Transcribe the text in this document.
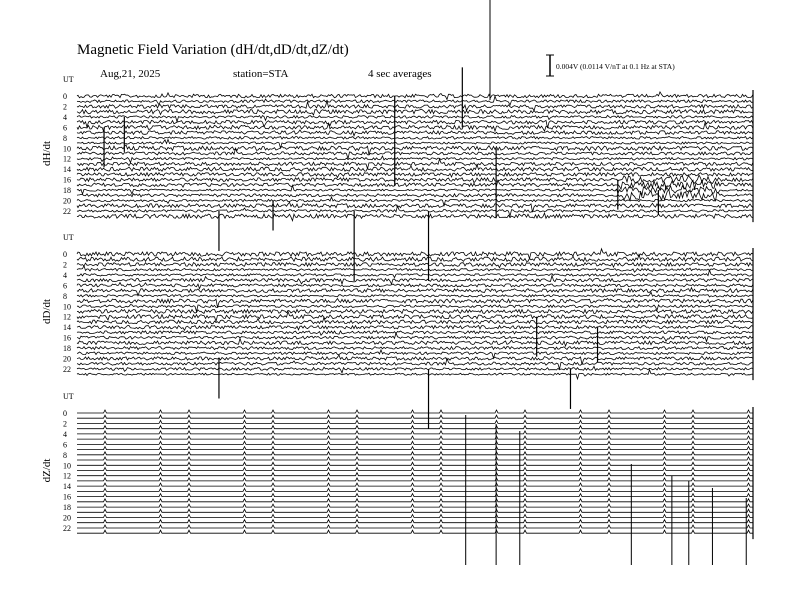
Magnetic Field Variation (dH/dt,dD/dt,dZ/dt)
Aug,21, 2025	station=STA	4 sec averages
0.004V (0.0114 V/nT at 0.1 Hz at STA)
UT
dH/dt
0
2
4
6
8
10
12
14
16
18
20
22
UT
dD/dt
0
2
4
6
8
10
12
14
16
18
20
22
UT
dZ/dt
0
2
4
6
8
10
12
14
16
18
20
22
